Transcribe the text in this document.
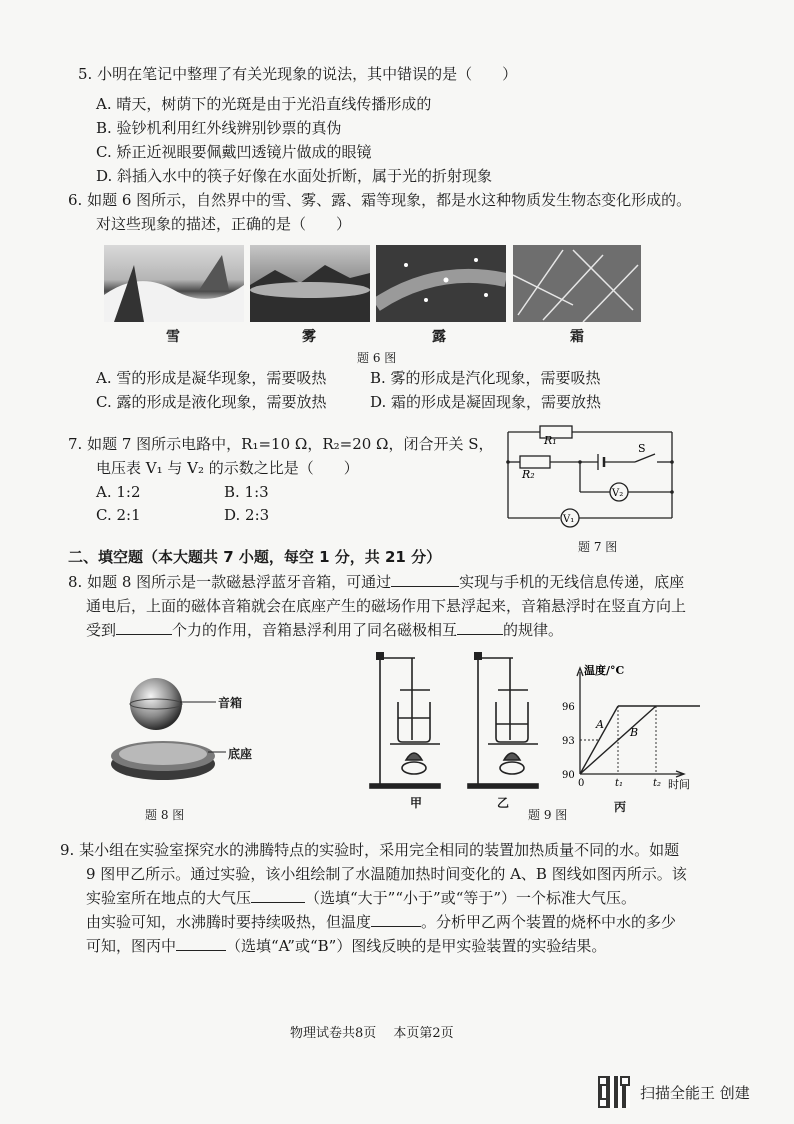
5. 小明在笔记中整理了有关光现象的说法，其中错误的是（　　）
A. 晴天，树荫下的光斑是由于光沿直线传播形成的
B. 验钞机利用红外线辨别钞票的真伪
C. 矫正近视眼要佩戴凹透镜片做成的眼镜
D. 斜插入水中的筷子好像在水面处折断，属于光的折射现象
6. 如题 6 图所示，自然界中的雪、雾、露、霜等现象，都是水这种物质发生物态变化形成的。
对这些现象的描述，正确的是（　　）
雪	雾	露	霜
题 6 图
A. 雪的形成是凝华现象，需要吸热	B. 雾的形成是汽化现象，需要吸热
C. 露的形成是液化现象，需要放热	D. 霜的形成是凝固现象，需要放热
7. 如题 7 图所示电路中，R₁=10 Ω，R₂=20 Ω，闭合开关 S，
电压表 V₁ 与 V₂ 的示数之比是（　　）
A. 1:2	B. 1:3
C. 2:1	D. 2:3
R₁
R₂
S
V₂
V₁
题 7 图
二、填空题（本大题共 7 小题，每空 1 分，共 21 分）
8. 如题 8 图所示是一款磁悬浮蓝牙音箱，可通过	实现与手机的无线信息传递，底座
通电后，上面的磁体音箱就会在底座产生的磁场作用下悬浮起来，音箱悬浮时在竖直方向上
受到	个力的作用，音箱悬浮利用了同名磁极相互	的规律。
音箱
底座
题 8 图
甲	乙
题 9 图
丙
温度/°C
时间
90
93
96
0	t₁	t₂
A
B
9. 某小组在实验室探究水的沸腾特点的实验时，采用完全相同的装置加热质量不同的水。如题
9 图甲乙所示。通过实验，该小组绘制了水温随加热时间变化的 A、B 图线如图丙所示。该
实验室所在地点的大气压	（选填“大于”“小于”或“等于”）一个标准大气压。
由实验可知，水沸腾时要持续吸热，但温度	。分析甲乙两个装置的烧杯中水的多少
可知，图丙中	（选填“A”或“B”）图线反映的是甲实验装置的实验结果。
物理试卷共8页　 本页第2页
扫描全能王 创建
